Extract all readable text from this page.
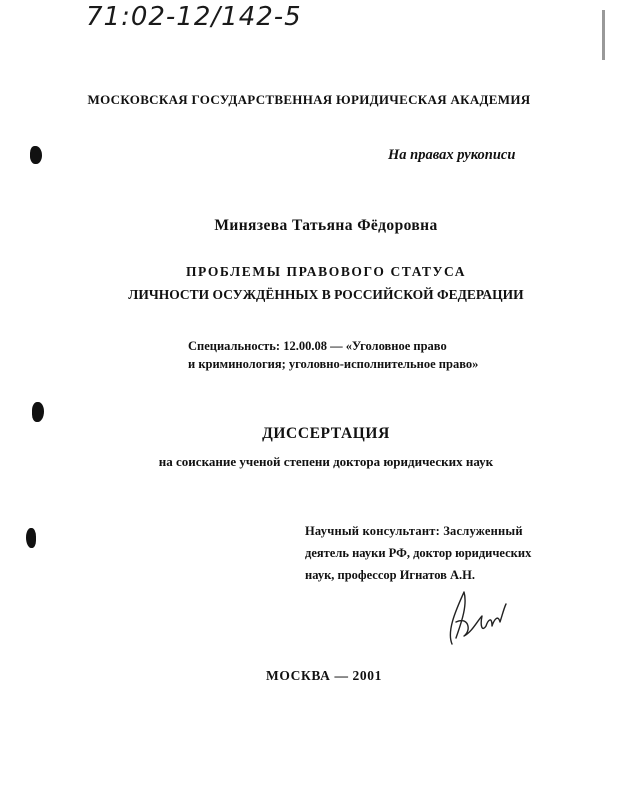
71:02-12/142-5
МОСКОВСКАЯ ГОСУДАРСТВЕННАЯ ЮРИДИЧЕСКАЯ АКАДЕМИЯ
На правах рукописи
Минязева Татьяна Фёдоровна
ПРОБЛЕМЫ ПРАВОВОГО СТАТУСА
ЛИЧНОСТИ ОСУЖДЁННЫХ В РОССИЙСКОЙ ФЕДЕРАЦИИ
Специальность: 12.00.08 — «Уголовное право
и криминология; уголовно-исполнительное право»
ДИССЕРТАЦИЯ
на соискание ученой степени доктора юридических наук
Научный консультант: Заслуженный
деятель науки РФ, доктор юридических
наук, профессор Игнатов А.Н.
МОСКВА — 2001
